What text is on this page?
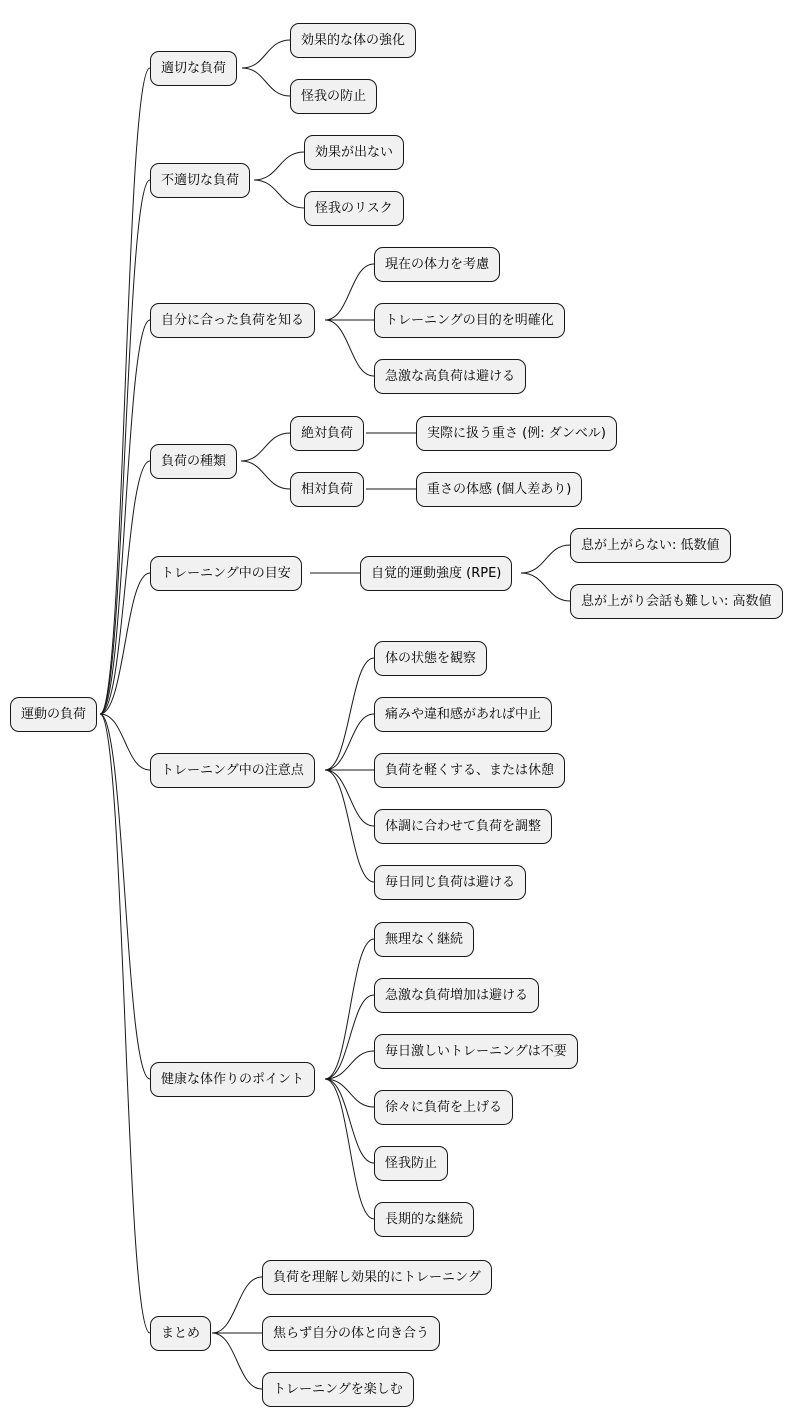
運動の負荷
適切な負荷
効果的な体の強化
怪我の防止
不適切な負荷
効果が出ない
怪我のリスク
自分に合った負荷を知る
現在の体力を考慮
トレーニングの目的を明確化
急激な高負荷は避ける
負荷の種類
絶対負荷	実際に扱う重さ (例: ダンベル)
相対負荷	重さの体感 (個人差あり)
トレーニング中の目安	自覚的運動強度 (RPE)
息が上がらない: 低数値
息が上がり会話も難しい: 高数値
トレーニング中の注意点
体の状態を観察
痛みや違和感があれば中止
負荷を軽くする、または休憩
体調に合わせて負荷を調整
毎日同じ負荷は避ける
健康な体作りのポイント
無理なく継続
急激な負荷増加は避ける
毎日激しいトレーニングは不要
徐々に負荷を上げる
怪我防止
長期的な継続
まとめ
負荷を理解し効果的にトレーニング
焦らず自分の体と向き合う
トレーニングを楽しむ
